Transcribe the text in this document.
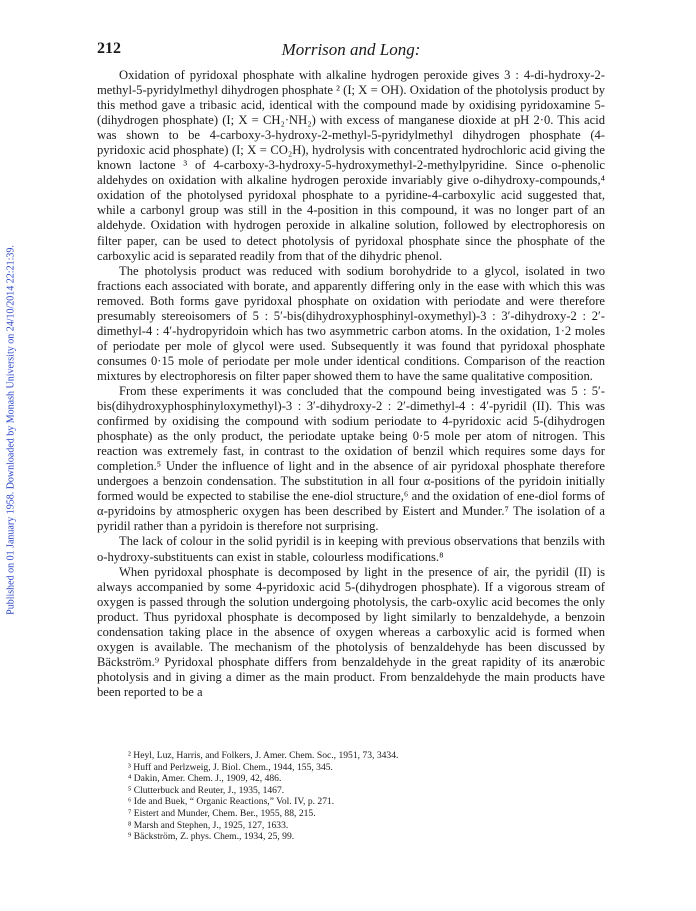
Published on 01 January 1958. Downloaded by Monash University on 24/10/2014 22:21:39.
Morrison and Long:
212

Oxidation of pyridoxal phosphate with alkaline hydrogen peroxide gives 3 : 4-di-hydroxy-2-methyl-5-pyridylmethyl dihydrogen phosphate ² (I; X = OH). Oxidation of the photolysis product by this method gave a tribasic acid, identical with the compound made by oxidising pyridoxamine 5-(dihydrogen phosphate) (I; X = CH₂·NH₂) with excess of manganese dioxide at pH 2·0. This acid was shown to be 4-carboxy-3-hydroxy-2-methyl-5-pyridylmethyl dihydrogen phosphate (4-pyridoxic acid phosphate) (I; X = CO₂H), hydrolysis with concentrated hydrochloric acid giving the known lactone ³ of 4-carboxy-3-hydroxy-5-hydroxymethyl-2-methylpyridine. Since o-phenolic aldehydes on oxidation with alkaline hydrogen peroxide invariably give o-dihydroxy-compounds,⁴ oxidation of the photolysed pyridoxal phosphate to a pyridine-4-carboxylic acid suggested that, while a carbonyl group was still in the 4-position in this compound, it was no longer part of an aldehyde. Oxidation with hydrogen peroxide in alkaline solution, followed by electrophoresis on filter paper, can be used to detect photolysis of pyridoxal phosphate since the phosphate of the carboxylic acid is separated readily from that of the dihydric phenol.

The photolysis product was reduced with sodium borohydride to a glycol, isolated in two fractions each associated with borate, and apparently differing only in the ease with which this was removed. Both forms gave pyridoxal phosphate on oxidation with periodate and were therefore presumably stereoisomers of 5 : 5′-bis(dihydroxyphosphinyl-oxymethyl)-3 : 3′-dihydroxy-2 : 2′-dimethyl-4 : 4′-hydropyridoin which has two asymmetric carbon atoms. In the oxidation, 1·2 moles of periodate per mole of glycol were used. Subsequently it was found that pyridoxal phosphate consumes 0·15 mole of periodate per mole under identical conditions. Comparison of the reaction mixtures by electrophoresis on filter paper showed them to have the same qualitative composition.

From these experiments it was concluded that the compound being investigated was 5 : 5′-bis(dihydroxyphosphinyloxymethyl)-3 : 3′-dihydroxy-2 : 2′-dimethyl-4 : 4′-pyridil (II). This was confirmed by oxidising the compound with sodium periodate to 4-pyridoxic acid 5-(dihydrogen phosphate) as the only product, the periodate uptake being 0·5 mole per atom of nitrogen. This reaction was extremely fast, in contrast to the oxidation of benzil which requires some days for completion.⁵ Under the influence of light and in the absence of air pyridoxal phosphate therefore undergoes a benzoin condensation. The substitution in all four α-positions of the pyridoin initially formed would be expected to stabilise the ene-diol structure,⁶ and the oxidation of ene-diol forms of α-pyridoins by atmospheric oxygen has been described by Eistert and Munder.⁷ The isolation of a pyridil rather than a pyridoin is therefore not surprising.

The lack of colour in the solid pyridil is in keeping with previous observations that benzils with o-hydroxy-substituents can exist in stable, colourless modifications.⁸

When pyridoxal phosphate is decomposed by light in the presence of air, the pyridil (II) is always accompanied by some 4-pyridoxic acid 5-(dihydrogen phosphate). If a vigorous stream of oxygen is passed through the solution undergoing photolysis, the carb-oxylic acid becomes the only product. Thus pyridoxal phosphate is decomposed by light similarly to benzaldehyde, a benzoin condensation taking place in the absence of oxygen whereas a carboxylic acid is formed when oxygen is available. The mechanism of the photolysis of benzaldehyde has been discussed by Bäckström.⁹ Pyridoxal phosphate differs from benzaldehyde in the great rapidity of its anærobic photolysis and in giving a dimer as the main product. From benzaldehyde the main products have been reported to be a

² Heyl, Luz, Harris, and Folkers, J. Amer. Chem. Soc., 1951, 73, 3434.
³ Huff and Perlzweig, J. Biol. Chem., 1944, 155, 345.
⁴ Dakin, Amer. Chem. J., 1909, 42, 486.
⁵ Clutterbuck and Reuter, J., 1935, 1467.
⁶ Ide and Buek, “ Organic Reactions,” Vol. IV, p. 271.
⁷ Eistert and Munder, Chem. Ber., 1955, 88, 215.
⁸ Marsh and Stephen, J., 1925, 127, 1633.
⁹ Bäckström, Z. phys. Chem., 1934, 25, 99.
